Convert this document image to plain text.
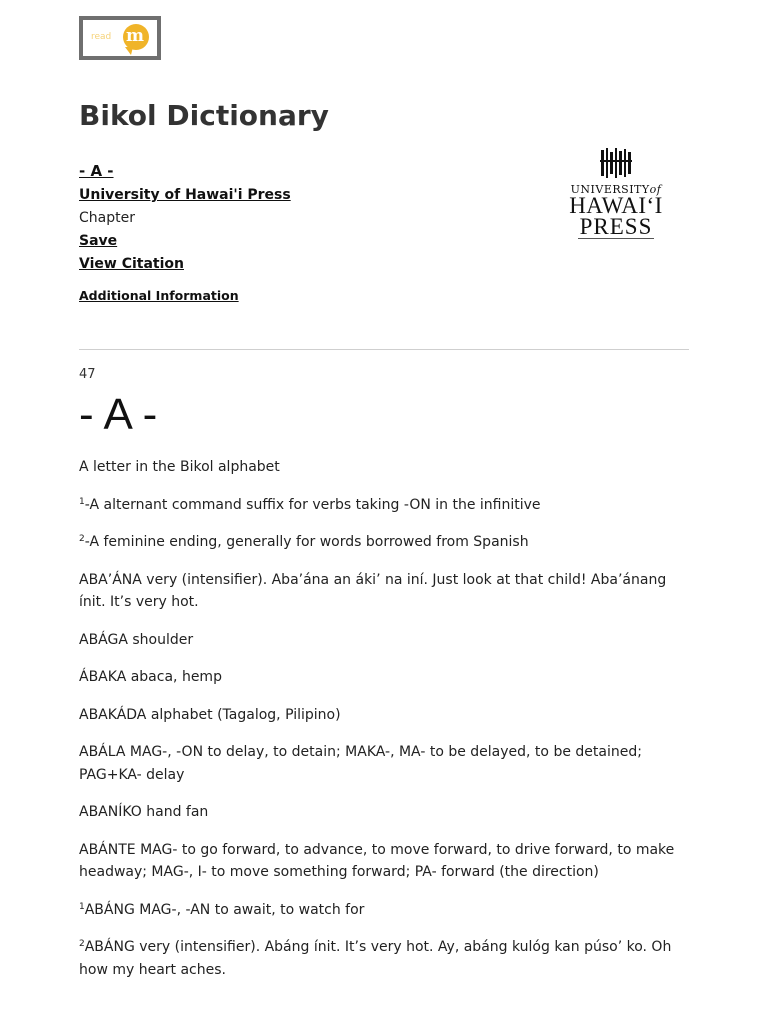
read m
Bikol Dictionary
- A -
University of Hawai'i Press
Chapter
Save
View Citation
Additional Information
UNIVERSITYof
HAWAI‘I
PRESS

47

- A -

A letter in the Bikol alphabet

$^1$-A alternant command suffix for verbs taking -ON in the infinitive

$^2$-A feminine ending, generally for words borrowed from Spanish

ABA’ÁNA very (intensifier). Aba’ána an áki’ na iní. Just look at that child! Aba’ánang ínit. It’s very hot.

ABÁGA shoulder

ÁBAKA abaca, hemp

ABAKÁDA alphabet (Tagalog, Pilipino)

ABÁLA MAG-, -ON to delay, to detain; MAKA-, MA- to be delayed, to be detained; PAG+KA- delay

ABANÍKO hand fan

ABÁNTE MAG- to go forward, to advance, to move forward, to drive forward, to make headway; MAG-, I- to move something forward; PA- forward (the direction)

$^1$ABÁNG MAG-, -AN to await, to watch for

$^2$ABÁNG very (intensifier). Abáng ínit. It’s very hot. Ay, abáng kulóg kan púso’ ko. Oh how my heart aches.
